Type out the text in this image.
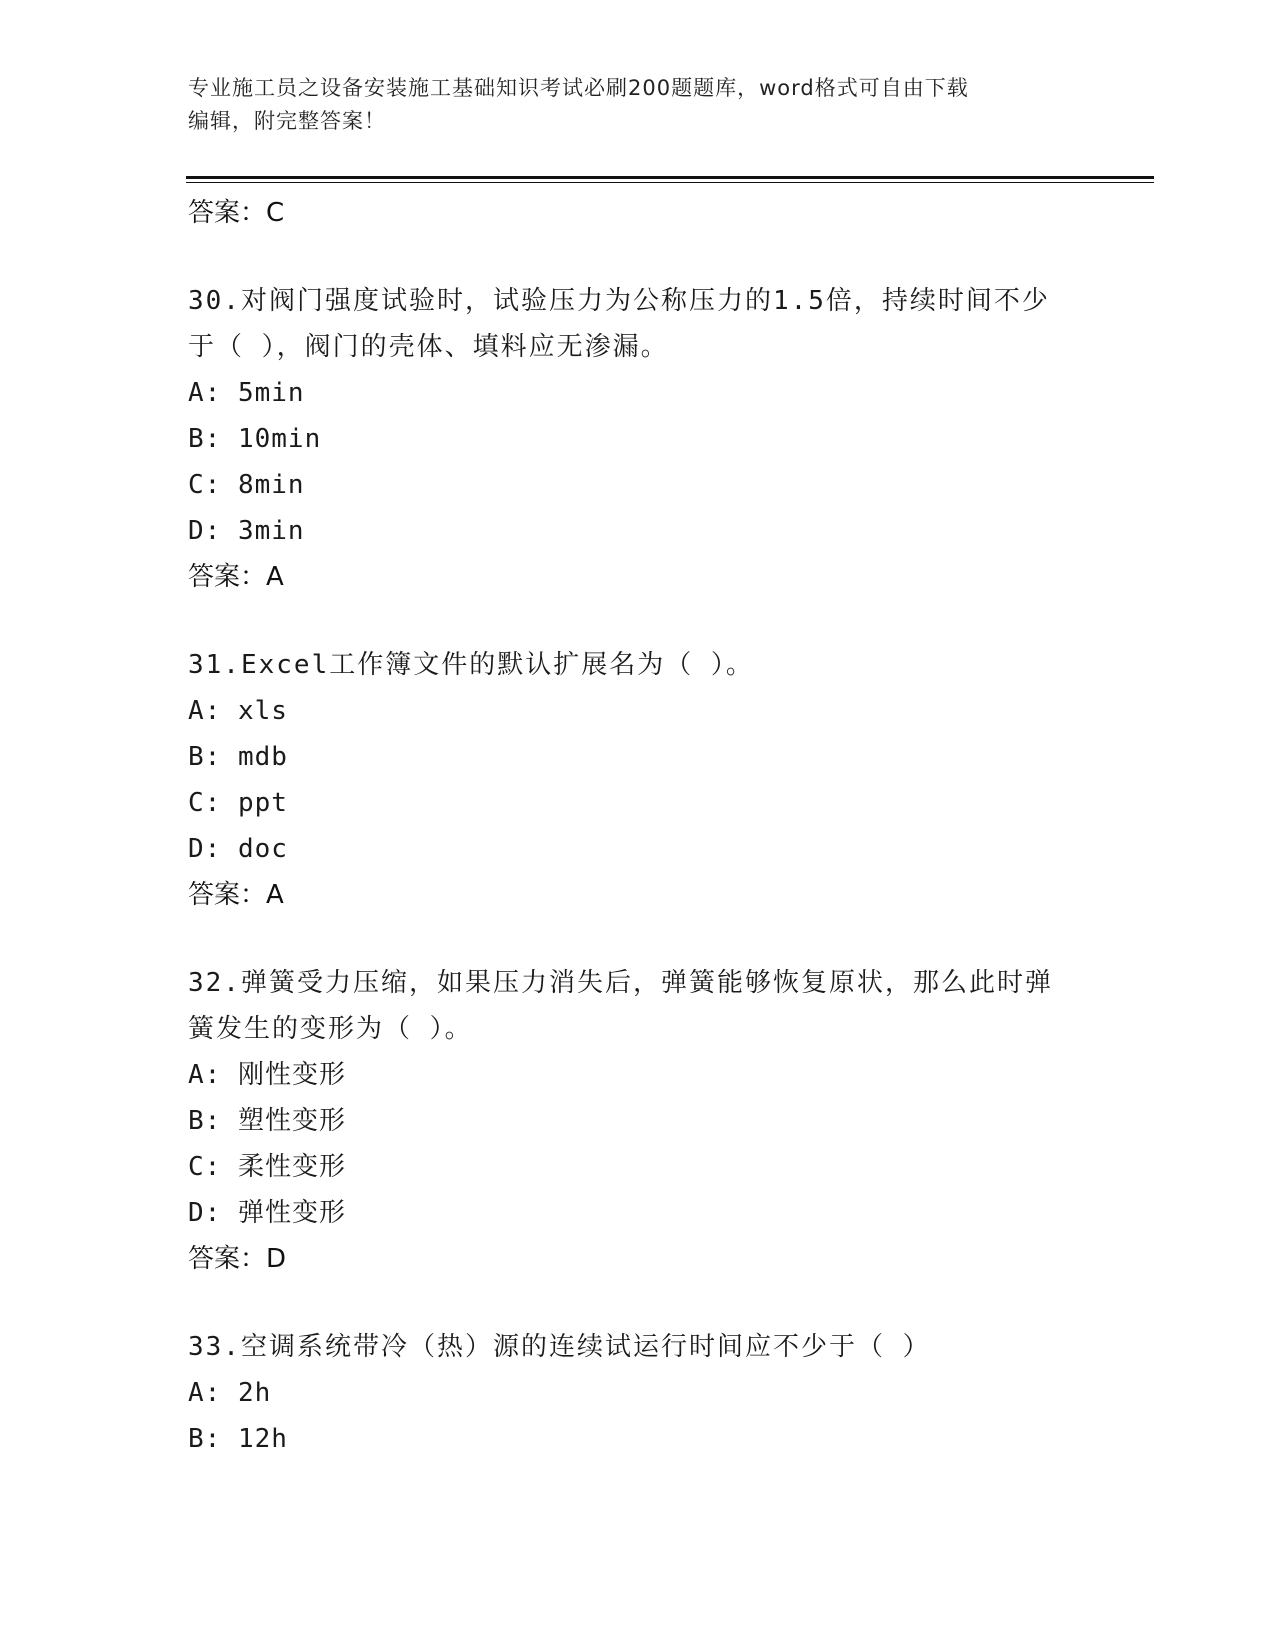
专业施工员之设备安装施工基础知识考试必刷200题题库，word格式可自由下载
编辑，附完整答案！
答案：C
30.对阀门强度试验时，试验压力为公称压力的1.5倍，持续时间不少
于（ ），阀门的壳体、填料应无渗漏。
A: 5min
B: 10min
C: 8min
D: 3min
答案：A
31.Excel工作簿文件的默认扩展名为（ ）。
A: xls
B: mdb
C: ppt
D: doc
答案：A
32.弹簧受力压缩，如果压力消失后，弹簧能够恢复原状，那么此时弹
簧发生的变形为（ ）。
A: 刚性变形
B: 塑性变形
C: 柔性变形
D: 弹性变形
答案：D
33.空调系统带冷（热）源的连续试运行时间应不少于（ ）
A: 2h
B: 12h
